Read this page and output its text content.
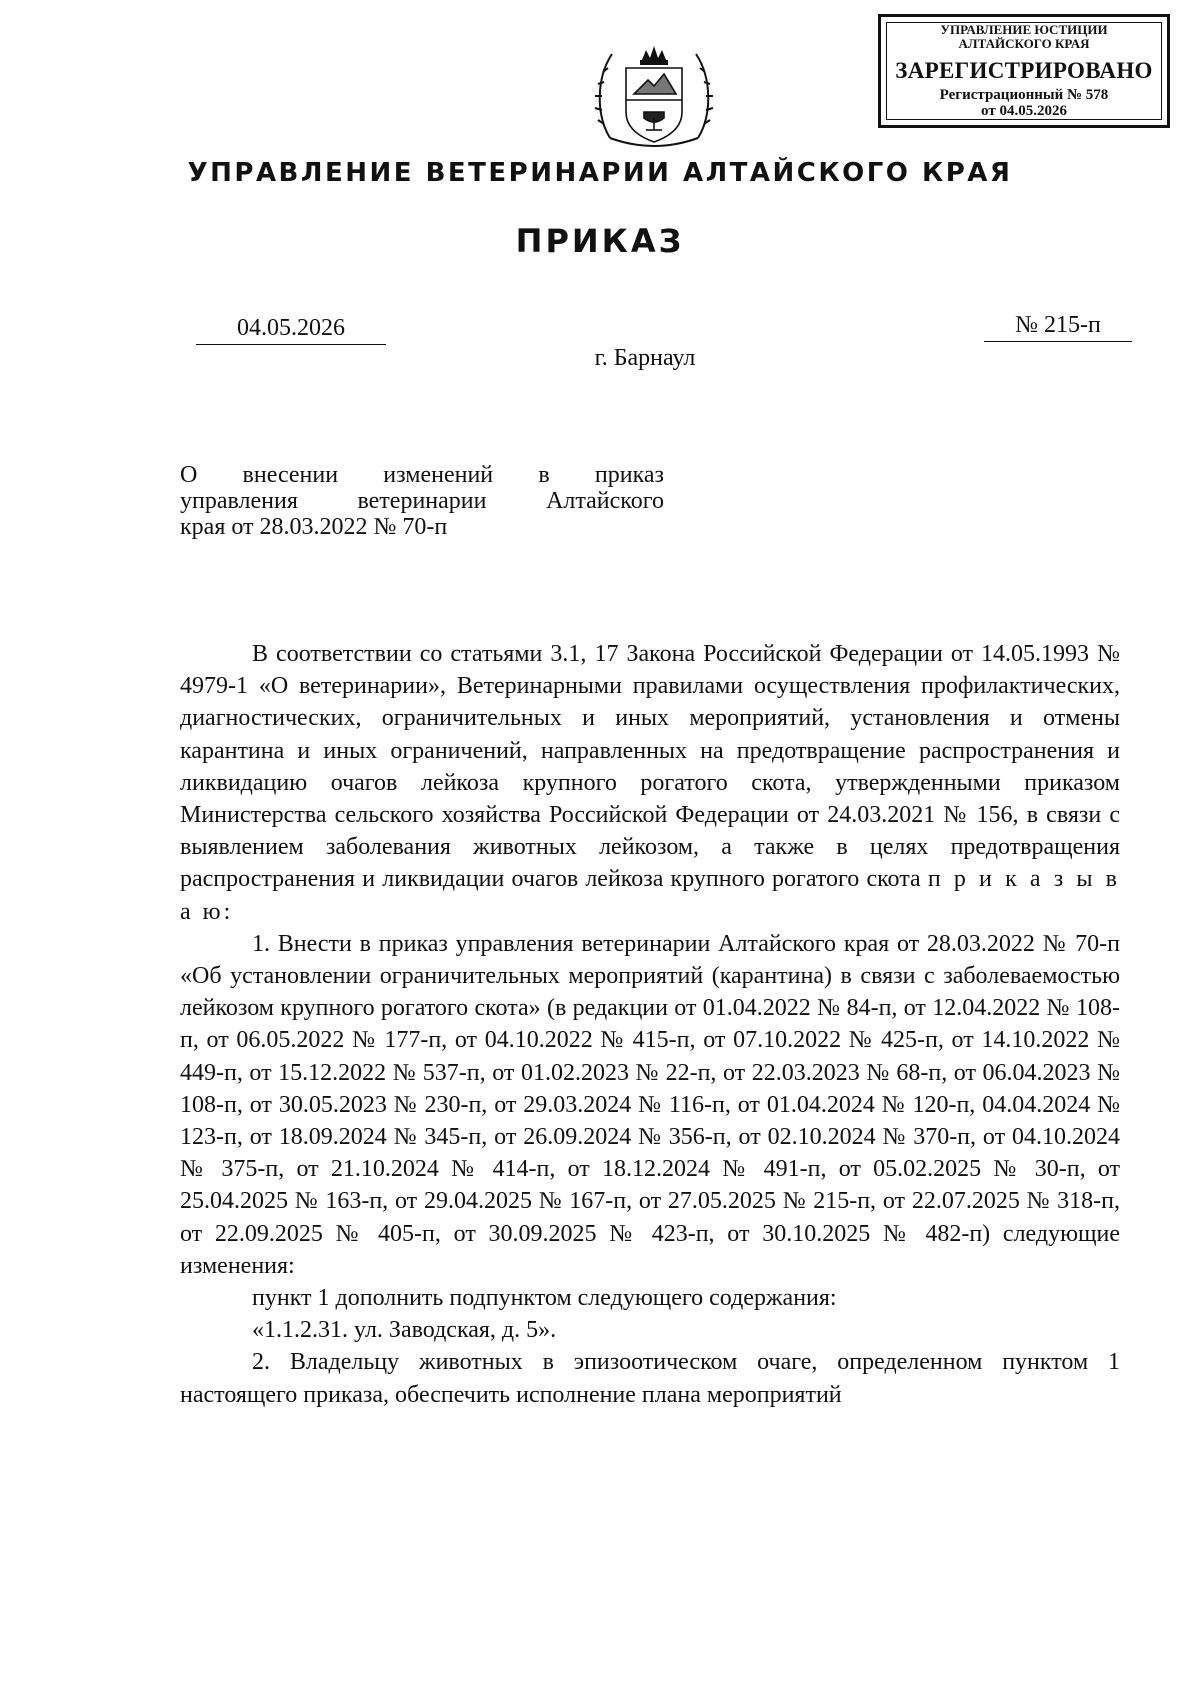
УПРАВЛЕНИЕ ЮСТИЦИИ
АЛТАЙСКОГО КРАЯ
ЗАРЕГИСТРИРОВАНО
Регистрационный № 578
от 04.05.2026
УПРАВЛЕНИЕ ВЕТЕРИНАРИИ АЛТАЙСКОГО КРАЯ
ПРИКАЗ
04.05.2026	№ 215-п
г. Барнаул
О внесении изменений в приказ
управления ветеринарии Алтайского
края от 28.03.2022 № 70-п

В соответствии со статьями 3.1, 17 Закона Российской Федерации от 14.05.1993 № 4979-1 «О ветеринарии», Ветеринарными правилами осуществления профилактических, диагностических, ограничительных и иных мероприятий, установления и отмены карантина и иных ограничений, направленных на предотвращение распространения и ликвидацию очагов лейкоза крупного рогатого скота, утвержденными приказом Министерства сельского хозяйства Российской Федерации от 24.03.2021 № 156, в связи с выявлением заболевания животных лейкозом, а также в целях предотвращения распространения и ликвидации очагов лейкоза крупного рогатого скота п р и к а з ы в а ю:

1. Внести в приказ управления ветеринарии Алтайского края от 28.03.2022 № 70-п «Об установлении ограничительных мероприятий (карантина) в связи с заболеваемостью лейкозом крупного рогатого скота» (в редакции от 01.04.2022 № 84-п, от 12.04.2022 № 108-п, от 06.05.2022 № 177-п, от 04.10.2022 № 415-п, от 07.10.2022 № 425-п, от 14.10.2022 № 449-п, от 15.12.2022 № 537-п, от 01.02.2023 № 22-п, от 22.03.2023 № 68-п, от 06.04.2023 № 108-п, от 30.05.2023 № 230-п, от 29.03.2024 № 116-п, от 01.04.2024 № 120-п, 04.04.2024 № 123-п, от 18.09.2024 № 345-п, от 26.09.2024 № 356-п, от 02.10.2024 № 370-п, от 04.10.2024 № 375-п, от 21.10.2024 № 414-п, от 18.12.2024 № 491-п, от 05.02.2025 № 30-п, от 25.04.2025 № 163-п, от 29.04.2025 № 167-п, от 27.05.2025 № 215-п, от 22.07.2025 № 318-п, от 22.09.2025 № 405-п, от 30.09.2025 № 423-п, от 30.10.2025 № 482-п) следующие изменения:

пункт 1 дополнить подпунктом следующего содержания:

«1.1.2.31. ул. Заводская, д. 5».

2. Владельцу животных в эпизоотическом очаге, определенном пунктом 1 настоящего приказа, обеспечить исполнение плана мероприятий
